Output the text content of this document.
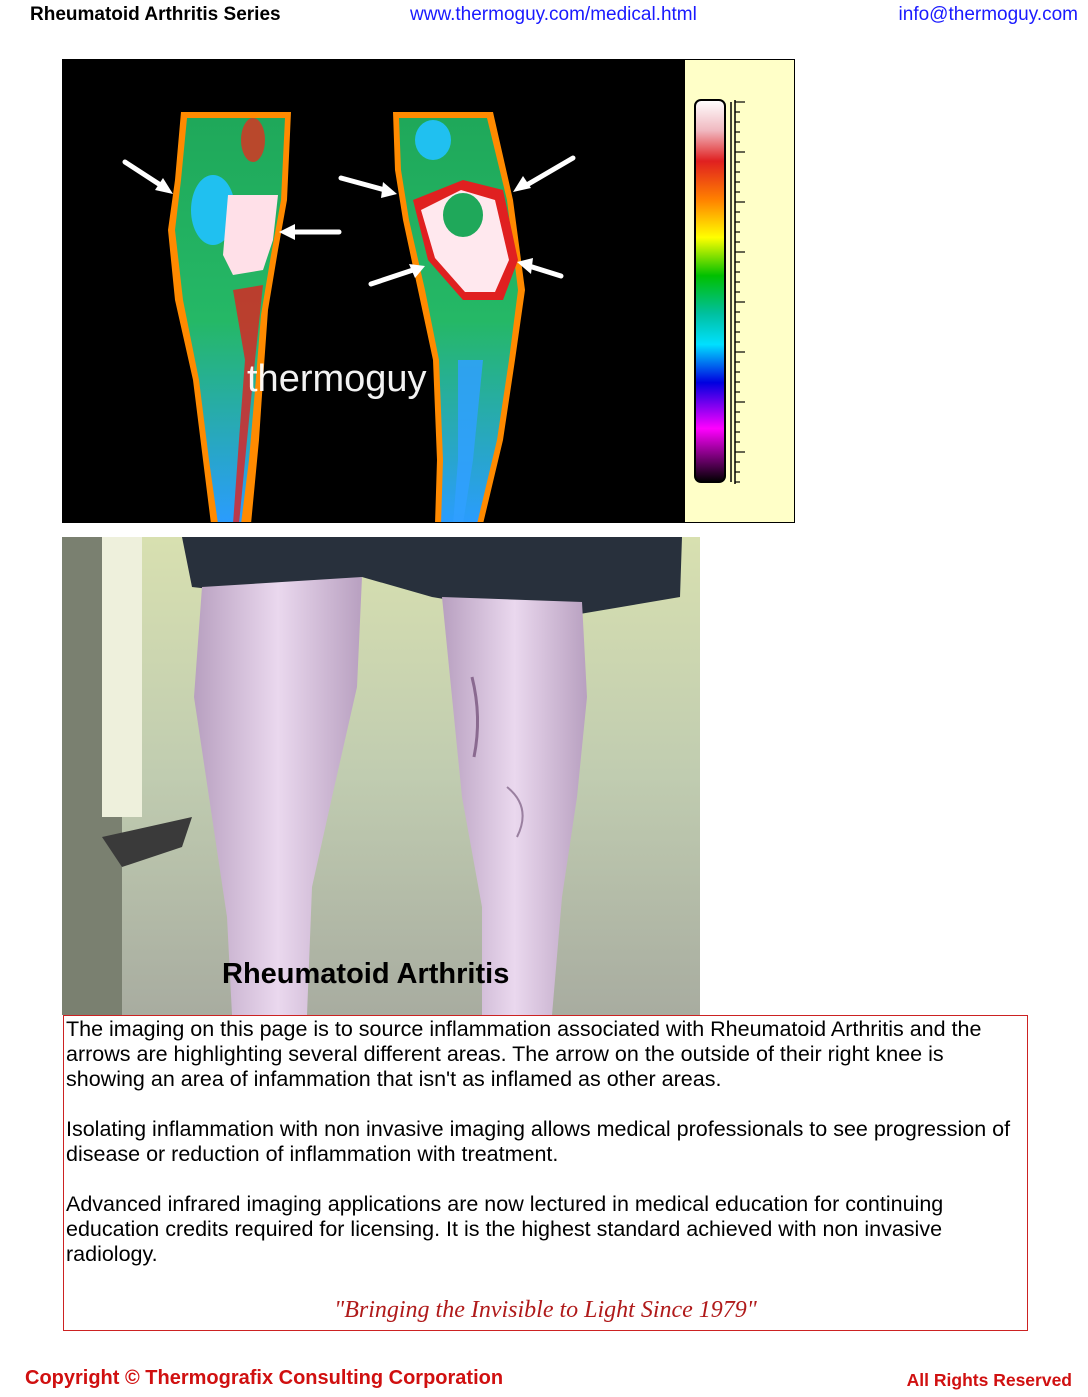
Rheumatoid Arthritis Series	www.thermoguy.com/medical.html	info@thermoguy.com
thermoguy
Rheumatoid Arthritis

The imaging on this page is to source inflammation associated with Rheumatoid Arthritis and the arrows are highlighting several different areas. The arrow on the outside of their right knee is showing an area of infammation that isn't as inflamed as other areas.

Isolating inflammation with non invasive imaging allows medical professionals to see progression of disease or reduction of inflammation with treatment.

Advanced infrared imaging applications are now lectured in medical education for continuing education credits required for licensing. It is the highest standard achieved with non invasive radiology.

"Bringing the Invisible to Light Since 1979"
Copyright © Thermografix Consulting Corporation	All Rights Reserved
